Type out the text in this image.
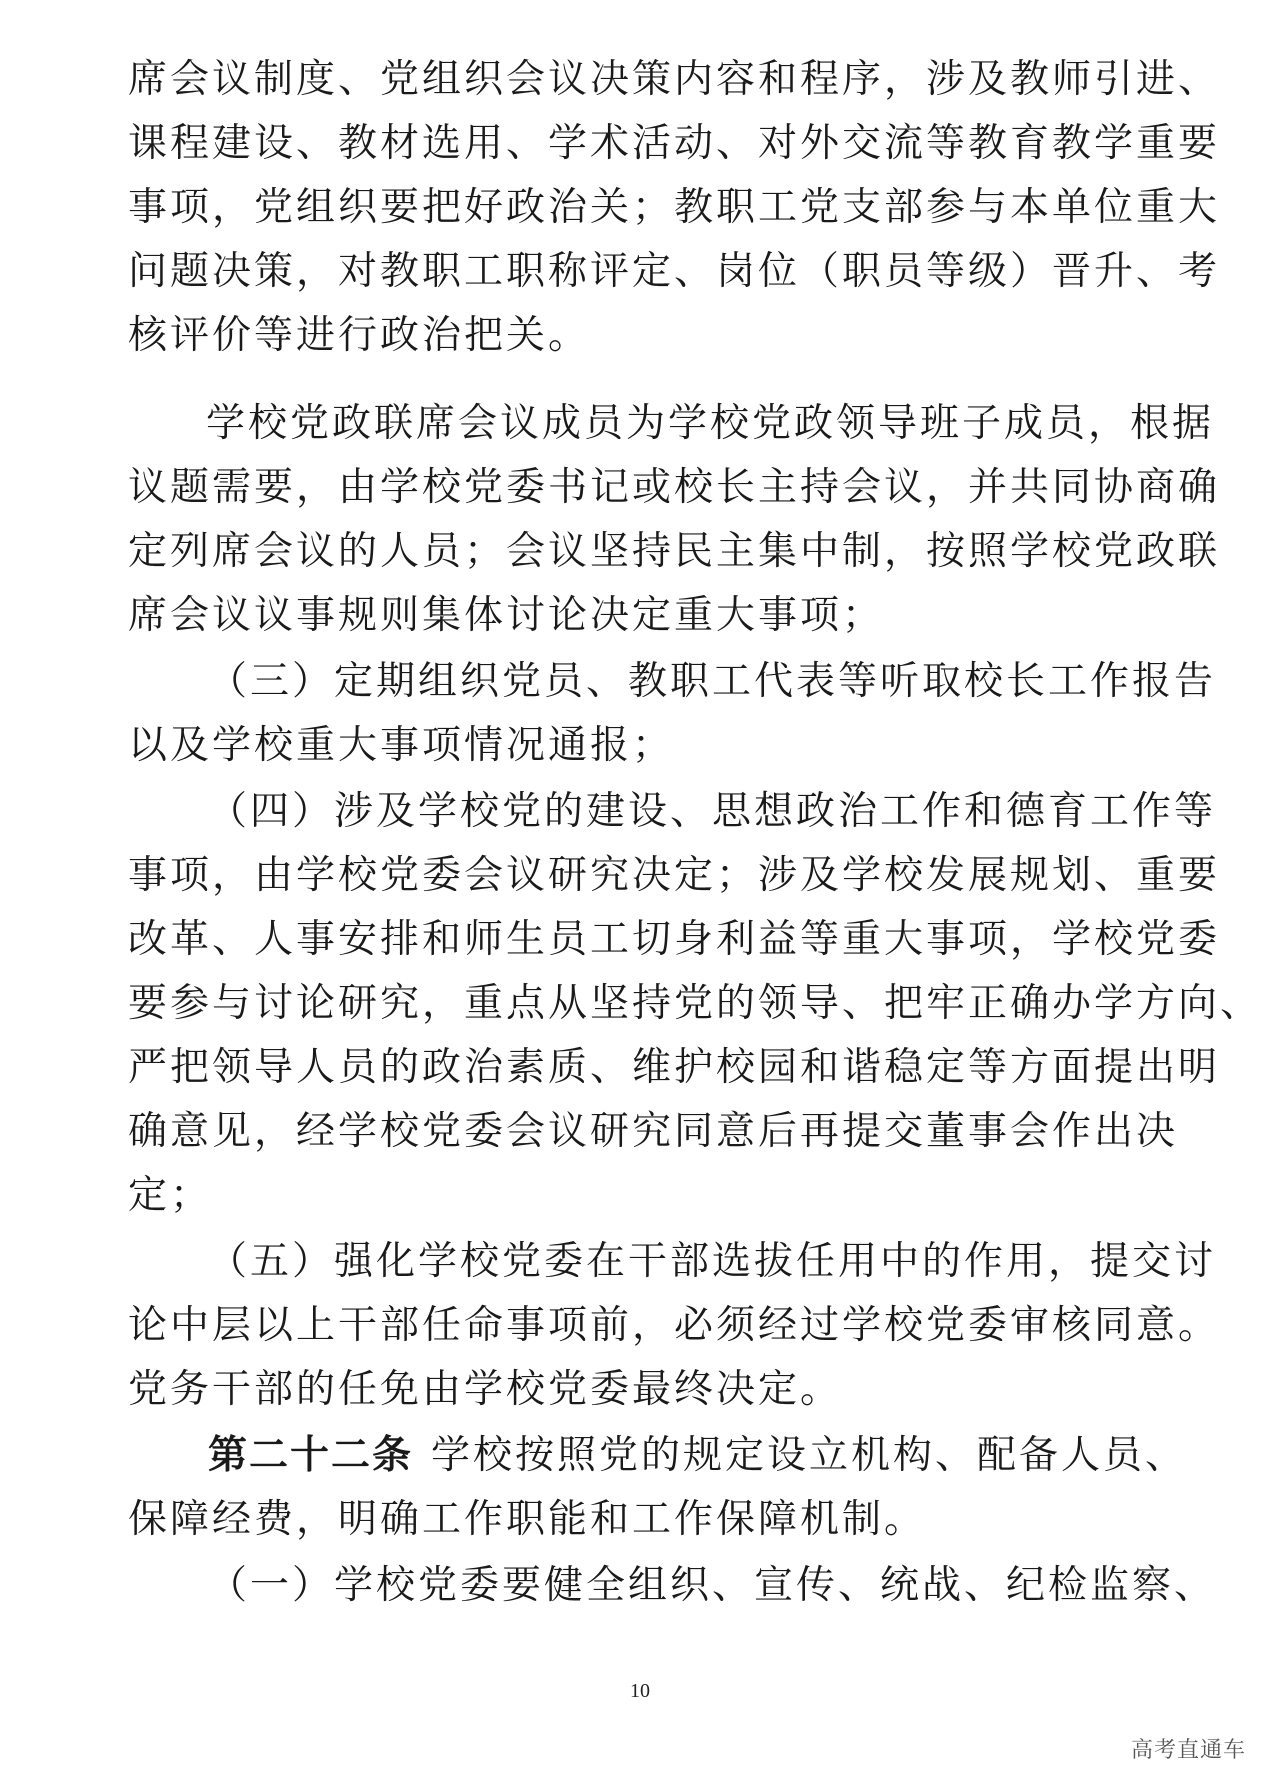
席会议制度、党组织会议决策内容和程序，涉及教师引进、
课程建设、教材选用、学术活动、对外交流等教育教学重要
事项，党组织要把好政治关；教职工党支部参与本单位重大
问题决策，对教职工职称评定、岗位（职员等级）晋升、考
核评价等进行政治把关。
学校党政联席会议成员为学校党政领导班子成员，根据
议题需要，由学校党委书记或校长主持会议，并共同协商确
定列席会议的人员；会议坚持民主集中制，按照学校党政联
席会议议事规则集体讨论决定重大事项；
（三）定期组织党员、教职工代表等听取校长工作报告
以及学校重大事项情况通报；
（四）涉及学校党的建设、思想政治工作和德育工作等
事项，由学校党委会议研究决定；涉及学校发展规划、重要
改革、人事安排和师生员工切身利益等重大事项，学校党委
要参与讨论研究，重点从坚持党的领导、把牢正确办学方向、
严把领导人员的政治素质、维护校园和谐稳定等方面提出明
确意见，经学校党委会议研究同意后再提交董事会作出决
定；
（五）强化学校党委在干部选拔任用中的作用，提交讨
论中层以上干部任命事项前，必须经过学校党委审核同意。
党务干部的任免由学校党委最终决定。
第二十二条 学校按照党的规定设立机构、配备人员、
保障经费，明确工作职能和工作保障机制。
（一）学校党委要健全组织、宣传、统战、纪检监察、
10
高考直通车
